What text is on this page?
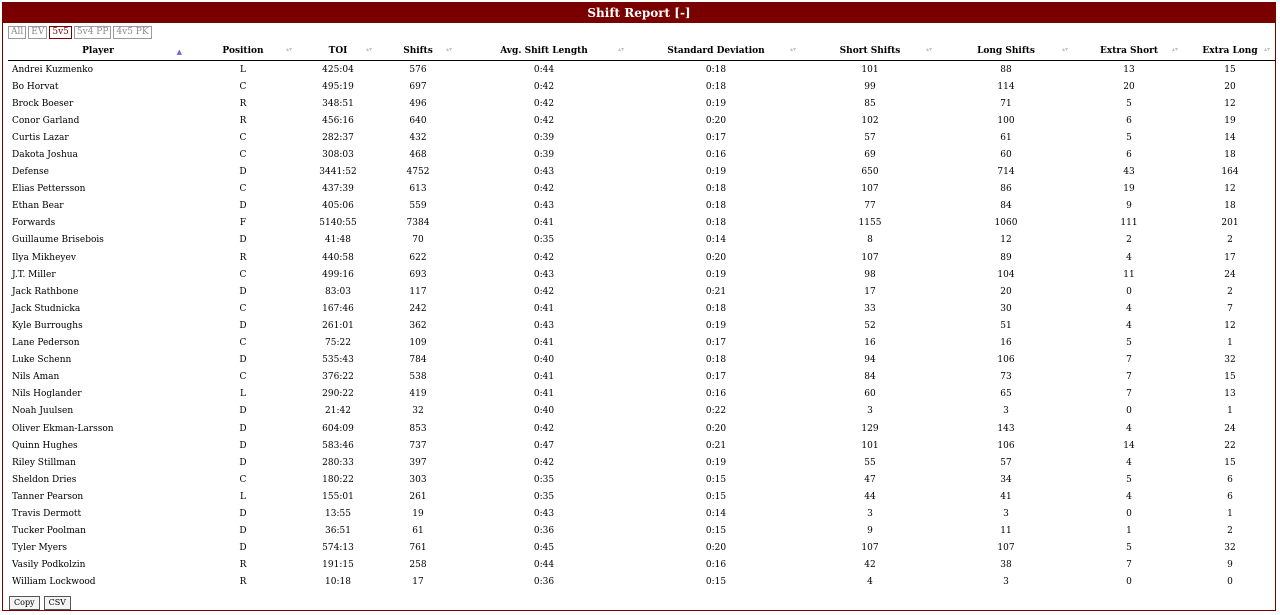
Shift Report [-]
All EV 5v5 5v4 PP 4v5 PK
Player ▲	Position ▴▾	TOI ▴▾	Shifts ▴▾	Avg. Shift Length ▴▾	Standard Deviation ▴▾	Short Shifts ▴▾	Long Shifts ▴▾	Extra Short ▴▾	Extra Long ▴▾

Andrei Kuzmenko	L	425:04	576	0:44	0:18	101	88	13	15
Bo Horvat	C	495:19	697	0:42	0:18	99	114	20	20
Brock Boeser	R	348:51	496	0:42	0:19	85	71	5	12
Conor Garland	R	456:16	640	0:42	0:20	102	100	6	19
Curtis Lazar	C	282:37	432	0:39	0:17	57	61	5	14
Dakota Joshua	C	308:03	468	0:39	0:16	69	60	6	18
Defense	D	3441:52	4752	0:43	0:19	650	714	43	164
Elias Pettersson	C	437:39	613	0:42	0:18	107	86	19	12
Ethan Bear	D	405:06	559	0:43	0:18	77	84	9	18
Forwards	F	5140:55	7384	0:41	0:18	1155	1060	111	201
Guillaume Brisebois	D	41:48	70	0:35	0:14	8	12	2	2
Ilya Mikheyev	R	440:58	622	0:42	0:20	107	89	4	17
J.T. Miller	C	499:16	693	0:43	0:19	98	104	11	24
Jack Rathbone	D	83:03	117	0:42	0:21	17	20	0	2
Jack Studnicka	C	167:46	242	0:41	0:18	33	30	4	7
Kyle Burroughs	D	261:01	362	0:43	0:19	52	51	4	12
Lane Pederson	C	75:22	109	0:41	0:17	16	16	5	1
Luke Schenn	D	535:43	784	0:40	0:18	94	106	7	32
Nils Aman	C	376:22	538	0:41	0:17	84	73	7	15
Nils Hoglander	L	290:22	419	0:41	0:16	60	65	7	13
Noah Juulsen	D	21:42	32	0:40	0:22	3	3	0	1
Oliver Ekman-Larsson	D	604:09	853	0:42	0:20	129	143	4	24
Quinn Hughes	D	583:46	737	0:47	0:21	101	106	14	22
Riley Stillman	D	280:33	397	0:42	0:19	55	57	4	15
Sheldon Dries	C	180:22	303	0:35	0:15	47	34	5	6
Tanner Pearson	L	155:01	261	0:35	0:15	44	41	4	6
Travis Dermott	D	13:55	19	0:43	0:14	3	3	0	1
Tucker Poolman	D	36:51	61	0:36	0:15	9	11	1	2
Tyler Myers	D	574:13	761	0:45	0:20	107	107	5	32
Vasily Podkolzin	R	191:15	258	0:44	0:16	42	38	7	9
William Lockwood	R	10:18	17	0:36	0:15	4	3	0	0
Copy	CSV
